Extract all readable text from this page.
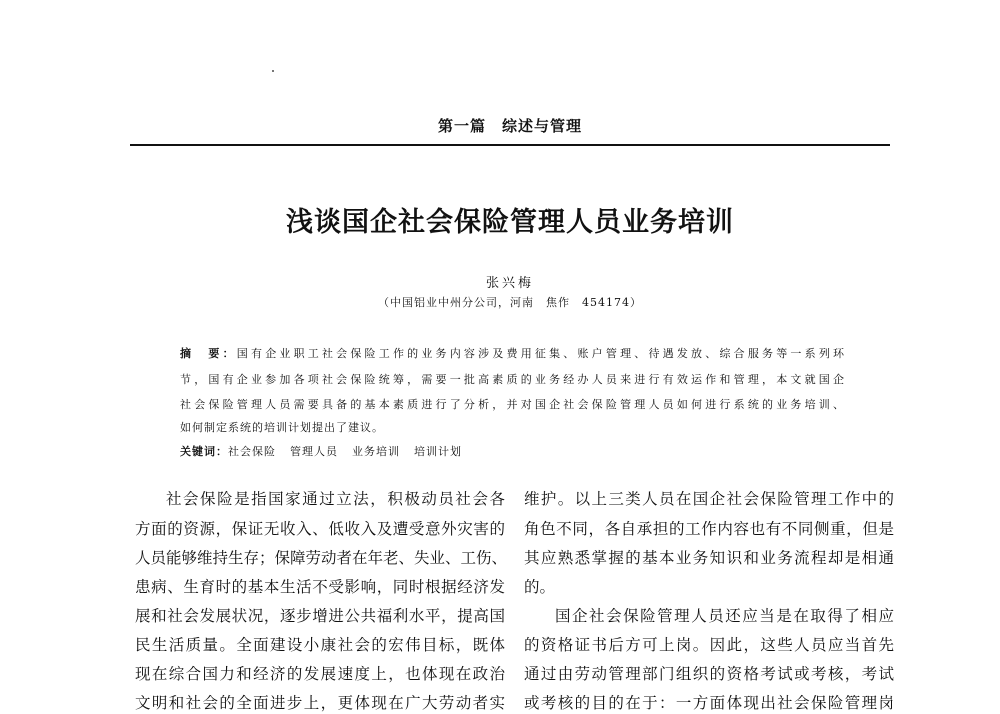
第一篇　综述与管理
浅谈国企社会保险管理人员业务培训
张兴梅
（中国铝业中州分公司，河南　焦作　454174）
摘　要：国有企业职工社会保险工作的业务内容涉及费用征集、账户管理、待遇发放、综合服务等一系列环
节，国有企业参加各项社会保险统筹，需要一批高素质的业务经办人员来进行有效运作和管理，本文就国企
社会保险管理人员需要具备的基本素质进行了分析，并对国企社会保险管理人员如何进行系统的业务培训、
如何制定系统的培训计划提出了建议。
关键词：社会保险 管理人员 业务培训 培训计划
社会保险是指国家通过立法，积极动员社会各
方面的资源，保证无收入、低收入及遭受意外灾害的
人员能够维持生存；保障劳动者在年老、失业、工伤、
患病、生育时的基本生活不受影响，同时根据经济发
展和社会发展状况，逐步增进公共福利水平，提高国
民生活质量。全面建设小康社会的宏伟目标，既体
现在综合国力和经济的发展速度上，也体现在政治
文明和社会的全面进步上，更体现在广大劳动者实
维护。以上三类人员在国企社会保险管理工作中的
角色不同，各自承担的工作内容也有不同侧重，但是
其应熟悉掌握的基本业务知识和业务流程却是相通
的。
国企社会保险管理人员还应当是在取得了相应
的资格证书后方可上岗。因此，这些人员应当首先
通过由劳动管理部门组织的资格考试或考核，考试
或考核的目的在于：一方面体现出社会保险管理岗
